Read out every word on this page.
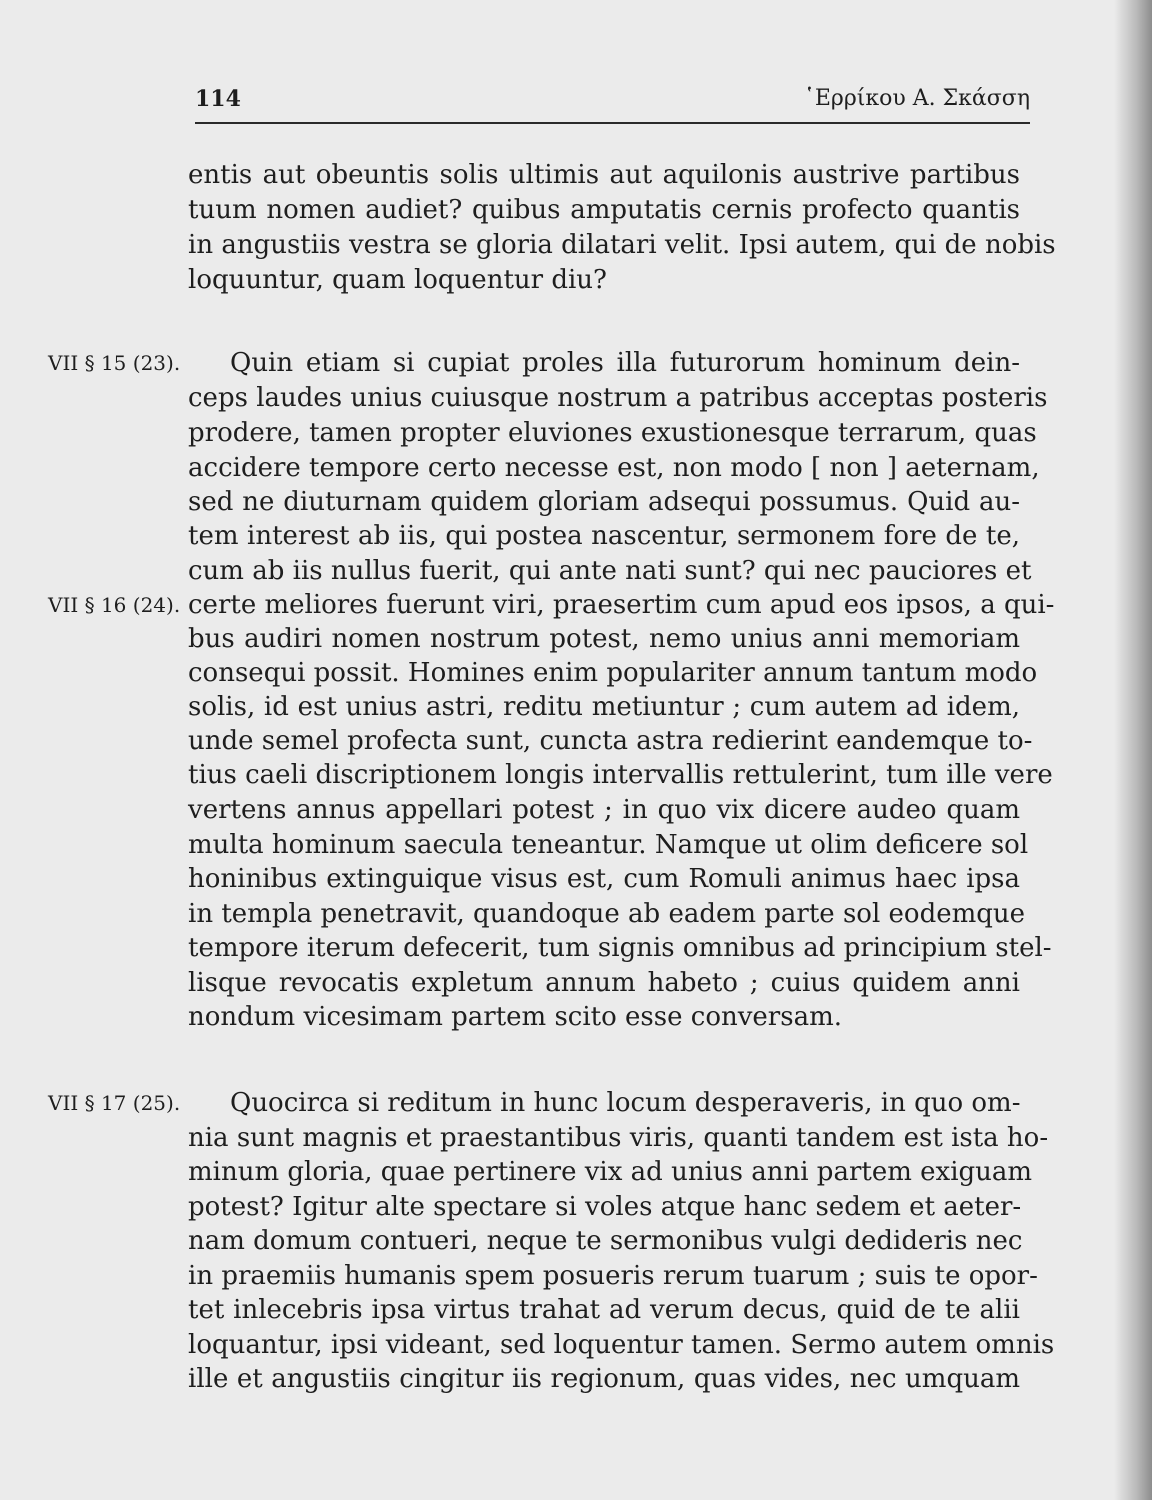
114	῾Ερρίκου Α. Σκάσση
VII § 15 (23).
VII § 16 (24).
VII § 17 (25).
entis aut obeuntis solis ultimis aut aquilonis austrive partibus
tuum nomen audiet? quibus amputatis cernis profecto quantis
in angustiis vestra se gloria dilatari velit. Ipsi autem, qui de nobis
loquuntur, quam loquentur diu?
Quin etiam si cupiat proles illa futurorum hominum dein-
ceps laudes unius cuiusque nostrum a patribus acceptas posteris
prodere, tamen propter eluviones exustionesque terrarum, quas
accidere tempore certo necesse est, non modo [ non ] aeternam,
sed ne diuturnam quidem gloriam adsequi possumus. Quid au-
tem interest ab iis, qui postea nascentur, sermonem fore de te,
cum ab iis nullus fuerit, qui ante nati sunt? qui nec pauciores et
certe meliores fuerunt viri, praesertim cum apud eos ipsos, a qui-
bus audiri nomen nostrum potest, nemo unius anni memoriam
consequi possit. Homines enim populariter annum tantum modo
solis, id est unius astri, reditu metiuntur ; cum autem ad idem,
unde semel profecta sunt, cuncta astra redierint eandemque to-
tius caeli discriptionem longis intervallis rettulerint, tum ille vere
vertens annus appellari potest ; in quo vix dicere audeo quam
multa hominum saecula teneantur. Namque ut olim deficere sol
honinibus extinguique visus est, cum Romuli animus haec ipsa
in templa penetravit, quandoque ab eadem parte sol eodemque
tempore iterum defecerit, tum signis omnibus ad principium stel-
lisque revocatis expletum annum habeto ; cuius quidem anni
nondum vicesimam partem scito esse conversam.
Quocirca si reditum in hunc locum desperaveris, in quo om-
nia sunt magnis et praestantibus viris, quanti tandem est ista ho-
minum gloria, quae pertinere vix ad unius anni partem exiguam
potest? Igitur alte spectare si voles atque hanc sedem et aeter-
nam domum contueri, neque te sermonibus vulgi dedideris nec
in praemiis humanis spem posueris rerum tuarum ; suis te opor-
tet inlecebris ipsa virtus trahat ad verum decus, quid de te alii
loquantur, ipsi videant, sed loquentur tamen. Sermo autem omnis
ille et angustiis cingitur iis regionum, quas vides, nec umquam
